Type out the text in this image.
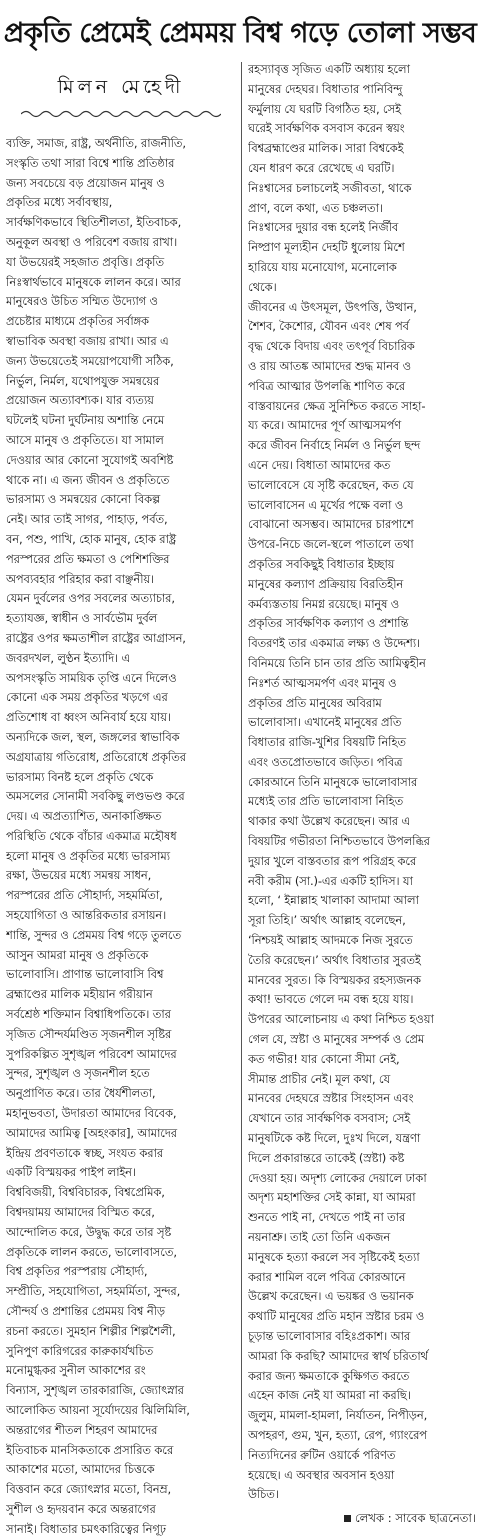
প্রকৃতি প্রেমেই প্রেমময় বিশ্ব গড়ে তোলা সম্ভব
মিলন মেহেদী
ব্যক্তি, সমাজ, রাষ্ট্র, অর্থনীতি, রাজনীতি,
সংস্কৃতি তথা সারা বিশ্বে শান্তি প্রতিষ্ঠার
জন্য সবচেয়ে বড় প্রয়োজন মানুষ ও
প্রকৃতির মধ্যে সর্বাবস্থায়,
সার্বক্ষণিকভাবে স্থিতিশীলতা, ইতিবাচক,
অনুকূল অবস্থা ও পরিবেশ বজায় রাখা।
যা উভয়েরই সহজাত প্রবৃত্তি। প্রকৃতি
নিঃস্বার্থভাবে মানুষকে লালন করে। আর
মানুষেরও উচিত সম্মিত উদ্যোগ ও
প্রচেষ্টার মাধ্যমে প্রকৃতির সর্বাঙ্গক
স্বাভাবিক অবস্থা বজায় রাখা। আর এ
জন্য উভয়েতেই সময়োপযোগী সঠিক,
নির্ভুল, নির্মল, যথোপযুক্ত সমন্বয়ের
প্রয়োজন অত্যাবশ্যক। যার ব্যত্যয়
ঘটলেই ঘটনা দুর্ঘটনায় অশান্তি নেমে
আসে মানুষ ও প্রকৃতিতে। যা সামাল
দেওয়ার আর কোনো সুযোগই অবশিষ্ট
থাকে না। এ জন্য জীবন ও প্রকৃতিতে
ভারসাম্য ও সমন্বয়ের কোনো বিকল্প
নেই। আর তাই সাগর, পাহাড়, পর্বত,
বন, পশু, পাখি, হোক মানুষ, হোক রাষ্ট্র
পরস্পরের প্রতি ক্ষমতা ও পেশিশক্তির
অপব্যবহার পরিহার করা বাঞ্ছনীয়।
যেমন দুর্বলের ওপর সবলের অত্যাচার,
হত্যাযজ্ঞ, স্বাধীন ও সার্বভৌম দুর্বল
রাষ্ট্রের ওপর ক্ষমতাশীল রাষ্ট্রের আগ্রাসন,
জবরদখল, লুণ্ঠন ইত্যাদি। এ
অপসংস্কৃতি সাময়িক তৃপ্তি এনে দিলেও
কোনো এক সময় প্রকৃতির খড়গে এর
প্রতিশোধ বা ধ্বংস অনিবার্য হয়ে যায়।
অন্যদিকে জল, স্থল, জঙ্গলের স্বাভাবিক
অগ্রযাত্রায় গতিরোধ, প্রতিরোধে প্রকৃতির
ভারসাম্য বিনষ্ট হলে প্রকৃতি থেকে
অমসলের সোনামী সবকিছু লণ্ডভণ্ড করে
দেয়। এ অপ্রত্যাশিত, অনাকাঙ্ক্ষিত
পরিস্থিতি থেকে বাঁচার একমাত্র মহৌষধ
হলো মানুষ ও প্রকৃতির মধ্যে ভারসাম্য
রক্ষা, উভয়ের মধ্যে সমন্বয় সাধন,
পরস্পরের প্রতি সৌহার্দ্য, সহমর্মিতা,
সহযোগিতা ও আন্তরিকতার রসায়ন।
শান্তি, সুন্দর ও প্রেমময় বিশ্ব গড়ে তুলতে
আসুন আমরা মানুষ ও প্রকৃতিকে
ভালোবাসি। প্রাণান্ত ভালোবাসি বিশ্ব
ব্রহ্মাণ্ডের মালিক মহীয়ান গরীয়ান
সর্বশ্রেষ্ঠ শক্তিমান বিশ্বাধিপতিকে। তার
সৃজিত সৌন্দর্যমণ্ডিত সৃজনশীল সৃষ্টির
সুপরিকল্পিত সুশৃঙ্খল পরিবেশ আমাদের
সুন্দর, সুশৃঙ্খল ও সৃজনশীল হতে
অনুপ্রাণিত করে। তার ধৈর্যশীলতা,
মহানুভবতা, উদারতা আমাদের বিবেক,
আমাদের আমিত্ব [অহংকার], আমাদের
ইন্দ্রিয় প্রবণতাকে স্বচ্ছ, সংযত করার
একটি বিস্ময়কর পাইপ লাইন।
বিশ্ববিজয়ী, বিশ্ববিচারক, বিশ্বপ্রেমিক,
বিশ্বদয়াময় আমাদের বিস্মিত করে,
আন্দোলিত করে, উদ্বুদ্ধ করে তার সৃষ্ট
প্রকৃতিকে লালন করতে, ভালোবাসতে,
বিশ্ব প্রকৃতির পরস্পরায় সৌহার্দ্য,
সম্প্রীতি, সহযোগিতা, সহমর্মিতা, সুন্দর,
সৌন্দর্য ও প্রশান্তির প্রেমময় বিশ্ব নীড়
রচনা করতে। সুমহান শিল্পীর শিল্পশৈলী,
সুনিপুণ কারিগরের কারুকার্যখচিত
মনোমুগ্ধকর সুনীল আকাশের রং
বিন্যাস, সুশৃঙ্খল তারকারাজি, জ্যোৎস্নার
আলোকিত আয়না সূর্যোদয়ের ঝিলিমিলি,
অন্তরাগের শীতল শিহরণ আমাদের
ইতিবাচক মানসিকতাকে প্রসারিত করে
আকাশের মতো, আমাদের চিত্তকে
বিত্তবান করে জ্যোৎস্নার মতো, বিনম্র,
সুশীল ও হৃদয়বান করে অন্তরাগের
সানাই। বিধাতার চমৎকারিত্বের নিগূঢ়
রহস্যাবৃত্ত সৃজিত একটি অধ্যায় হলো
মানুষের দেহঘর। বিধাতার পানিবিন্দু
ফর্মুলায় যে ঘরটি বিগঠিত হয়, সেই
ঘরেই সার্বক্ষণিক বসবাস করেন স্বয়ং
বিশ্বব্রহ্মাণ্ডের মালিক। সারা বিশ্বকেই
যেন ধারণ করে রেখেছে এ ঘরটি।
নিঃশ্বাসের চলাচলেই সজীবতা, থাকে
প্রাণ, বলে কথা, এত চঞ্চলতা।
নিঃশ্বাসের দুয়ার বন্ধ হলেই নির্জীব
নিষ্প্রাণ মূল্যহীন দেহটি ধুলোয় মিশে
হারিয়ে যায় মনোযোগ, মনোলোক
থেকে।
জীবনের এ উৎসমূল, উৎপত্তি, উত্থান,
শৈশব, কৈশোর, যৌবন এবং শেষ পর্ব
বৃদ্ধ থেকে বিদায় এবং তৎপূর্ব বিচারিক
ও রায় আতঙ্ক আমাদের শুদ্ধ মানব ও
পবিত্র আত্মার উপলব্ধি শাণিত করে
বাস্তবায়নের ক্ষেত্র সুনিশ্চিত করতে সাহা-
য্য করে। আমাদের পূর্ণ আত্মসমর্পণ
করে জীবন নির্বাহে নির্মল ও নির্ভুল ছন্দ
এনে দেয়। বিধাতা আমাদের কত
ভালোবেসে যে সৃষ্টি করেছেন, কত যে
ভালোবাসেন এ মূর্খের পক্ষে বলা ও
বোঝানো অসম্ভব। আমাদের চারপাশে
উপরে-নিচে জলে-স্থলে পাতালে তথা
প্রকৃতির সবকিছুই বিধাতার ইচ্ছায়
মানুষের কল্যাণ প্রক্রিয়ায় বিরতিহীন
কর্মব্যস্ততায় নিমগ্ন রয়েছে। মানুষ ও
প্রকৃতির সার্বক্ষণিক কল্যাণ ও প্রশান্তি
বিতরণই তার একমাত্র লক্ষ্য ও উদ্দেশ্য।
বিনিময়ে তিনি চান তার প্রতি আমিত্বহীন
নিঃশর্ত আত্মসমর্পণ এবং মানুষ ও
প্রকৃতির প্রতি মানুষের অবিরাম
ভালোবাসা। এখানেই মানুষের প্রতি
বিধাতার রাজি-খুশির বিষয়টি নিহিত
এবং ওতপ্রোতভাবে জড়িত। পবিত্র
কোরআনে তিনি মানুষকে ভালোবাসার
মধ্যেই তার প্রতি ভালোবাসা নিহিত
থাকার কথা উল্লেখ করেছেন। আর এ
বিষয়টির গভীরতা নিশ্চিতভাবে উপলব্ধির
দুয়ার খুলে বাস্তবতার রূপ পরিগ্রহ করে
নবী করীম (সা.)-এর একটি হাদিস। যা
হলো, ‘ ইন্নাল্লাহ খালাকা আদামা আলা
সূরা তিহি।’ অর্থাৎ আল্লাহ বলেছেন,
‘নিশ্চয়ই আল্লাহ আদমকে নিজ সুরতে
তৈরি করেছেন।’ অর্থাৎ বিধাতার সুরতই
মানবের সুরত। কি বিস্ময়কর রহস্যজনক
কথা! ভাবতে গেলে দম বন্ধ হয়ে যায়।
উপরের আলোচনায় এ কথা নিশ্চিত হওয়া
গেল যে, স্রষ্টা ও মানুষের সম্পর্ক ও প্রেম
কত গভীর! যার কোনো সীমা নেই,
সীমান্ত প্রাচীর নেই। মূল কথা, যে
মানবের দেহঘরে স্রষ্টার সিংহাসন এবং
যেখানে তার সার্বক্ষণিক বসবাস; সেই
মানুষটিকে কষ্ট দিলে, দুঃখ দিলে, যন্ত্রণা
দিলে প্রকারান্তরে তাকেই (স্রষ্টা) কষ্ট
দেওয়া হয়। অদৃশ্য লোকের দেয়ালে ঢাকা
অদৃশ্য মহাশক্তির সেই কান্না, যা আমরা
শুনতে পাই না, দেখতে পাই না তার
নয়নাশ্রু। তাই তো তিনি একজন
মানুষকে হত্যা করলে সব সৃষ্টিকেই হত্যা
করার শামিল বলে পবিত্র কোরআনে
উল্লেখ করেছেন। এ ভয়ঙ্কর ও ভয়ানক
কথাটি মানুষের প্রতি মহান স্রষ্টার চরম ও
চূড়ান্ত ভালোবাসার বহিঃপ্রকাশ। আর
আমরা কি করছি? আমাদের স্বার্থ চরিতার্থ
করার জন্য ক্ষমতাকে কুক্ষিগত করতে
এহেন কাজ নেই যা আমরা না করছি।
জুলুম, মামলা-হামলা, নির্যাতন, নিপীড়ন,
অপহরণ, গুম, খুন, হত্যা, রেপ, গ্যাংরেপ
নিত্যদিনের রুটিন ওয়ার্কে পরিণত
হয়েছে। এ অবস্থার অবসান হওয়া
উচিত।
লেখক : সাবেক ছাত্রনেতা।
